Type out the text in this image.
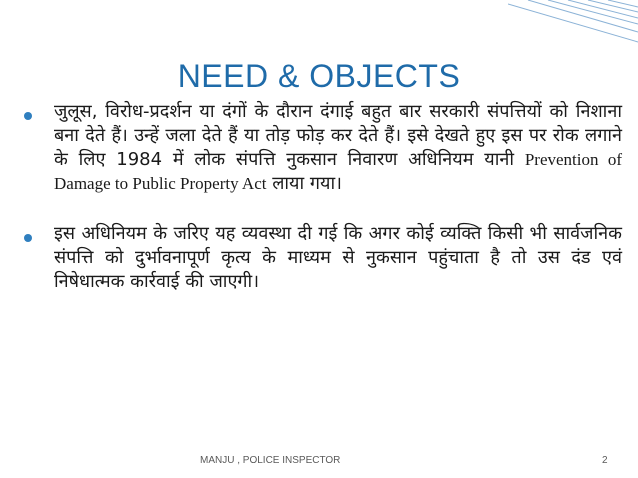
NEED & OBJECTS
जुलूस, विरोध-प्रदर्शन या दंगों के दौरान दंगाई बहुत बार सरकारी संपत्तियों को निशाना बना देते हैं। उन्हें जला देते हैं या तोड़ फोड़ कर देते हैं। इसे देखते हुए इस पर रोक लगाने के लिए 1984 में लोक संपत्ति नुकसान निवारण अधिनियम यानी Prevention of Damage to Public Property Act लाया गया।
इस अधिनियम के जरिए यह व्यवस्था दी गई कि अगर कोई व्यक्ति किसी भी सार्वजनिक संपत्ति को दुर्भावनापूर्ण कृत्य के माध्यम से नुकसान पहुंचाता है तो उस दंड एवं निषेधात्मक कार्रवाई की जाएगी।
MANJU , POLICE INSPECTOR	2
